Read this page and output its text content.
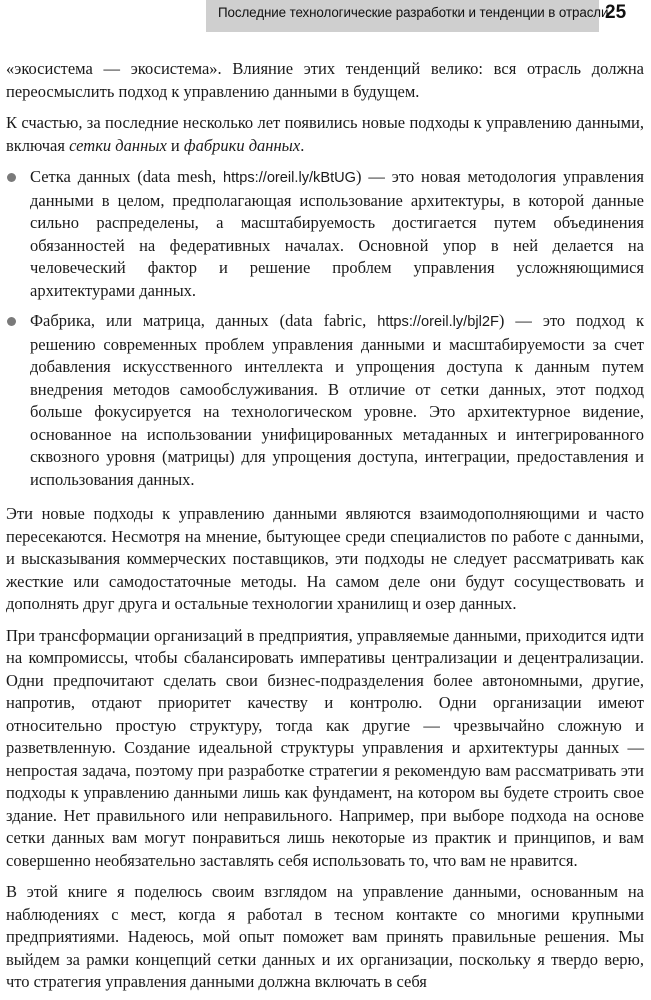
Последние технологические разработки и тенденции в отрасли
25

«экосистема — экосистема». Влияние этих тенденций велико: вся отрасль должна переосмыслить подход к управлению данными в будущем.

К счастью, за последние несколько лет появились новые подходы к управлению данными, включая сетки данных и фабрики данных.

Сетка данных (data mesh, https://oreil.ly/kBtUG) — это новая методология управления данными в целом, предполагающая использование архитектуры, в которой данные сильно распределены, а масштабируемость достигается путем объединения обязанностей на федеративных началах. Основной упор в ней делается на человеческий фактор и решение проблем управления усложняющимися архитектурами данных.
Фабрика, или матрица, данных (data fabric, https://oreil.ly/bjl2F) — это подход к решению современных проблем управления данными и масштабируемости за счет добавления искусственного интеллекта и упрощения доступа к данным путем внедрения методов самообслуживания. В отличие от сетки данных, этот подход больше фокусируется на технологическом уровне. Это архитектурное видение, основанное на использовании унифицированных метаданных и интегрированного сквозного уровня (матрицы) для упрощения доступа, интеграции, предоставления и использования данных.

Эти новые подходы к управлению данными являются взаимодополняющими и часто пересекаются. Несмотря на мнение, бытующее среди специалистов по работе с данными, и высказывания коммерческих поставщиков, эти подходы не следует рассматривать как жесткие или самодостаточные методы. На самом деле они будут сосуществовать и дополнять друг друга и остальные технологии хранилищ и озер данных.

При трансформации организаций в предприятия, управляемые данными, приходится идти на компромиссы, чтобы сбалансировать императивы централизации и децентрализации. Одни предпочитают сделать свои бизнес-подразделения более автономными, другие, напротив, отдают приоритет качеству и контролю. Одни организации имеют относительно простую структуру, тогда как другие — чрезвычайно сложную и разветвленную. Создание идеальной структуры управления и архитектуры данных — непростая задача, поэтому при разработке стратегии я рекомендую вам рассматривать эти подходы к управлению данными лишь как фундамент, на котором вы будете строить свое здание. Нет правильного или неправильного. Например, при выборе подхода на основе сетки данных вам могут понравиться лишь некоторые из практик и принципов, и вам совершенно необязательно заставлять себя использовать то, что вам не нравится.

В этой книге я поделюсь своим взглядом на управление данными, основанным на наблюдениях с мест, когда я работал в тесном контакте со многими крупными предприятиями. Надеюсь, мой опыт поможет вам принять правильные решения. Мы выйдем за рамки концепций сетки данных и их организации, поскольку я твердо верю, что стратегия управления данными должна включать в себя
